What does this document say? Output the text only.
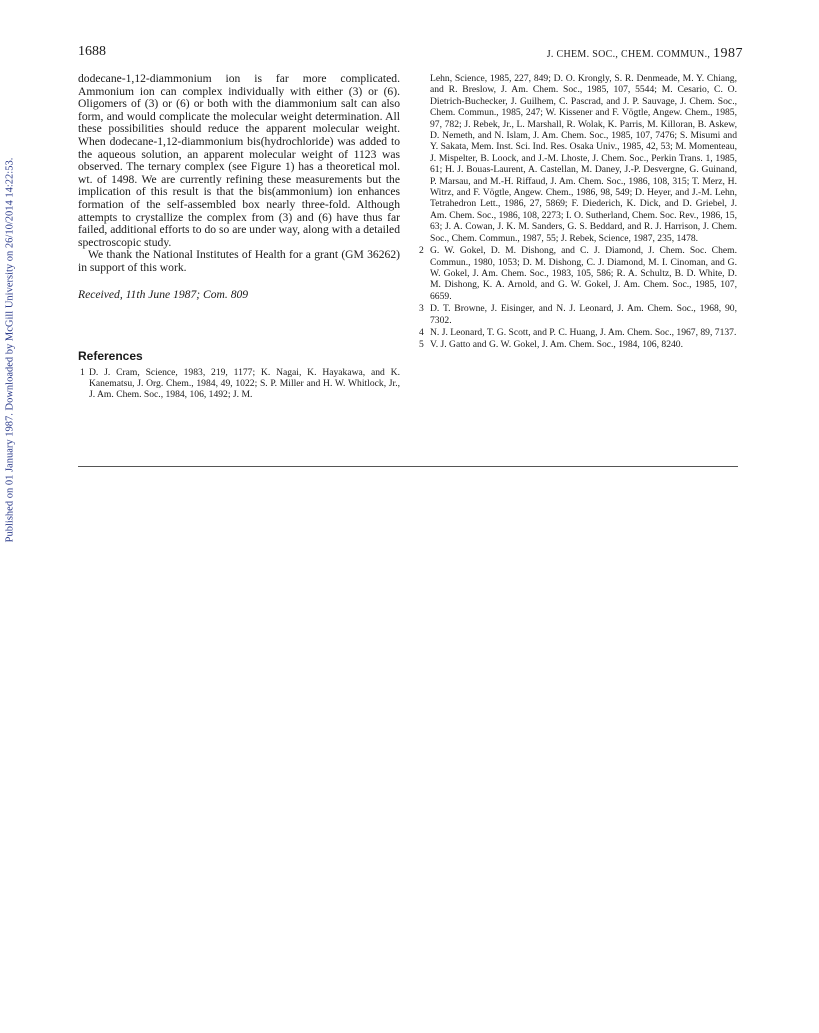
Published on 01 January 1987. Downloaded by McGill University on 26/10/2014 14:22:53.
1688	J. CHEM. SOC., CHEM. COMMUN., 1987

dodecane-1,12-diammonium ion is far more complicated. Ammonium ion can complex individually with either (3) or (6). Oligomers of (3) or (6) or both with the diammonium salt can also form, and would complicate the molecular weight determination. All these possibilities should reduce the apparent molecular weight. When dodecane-1,12-diammonium bis(hydrochloride) was added to the aqueous solution, an apparent molecular weight of 1123 was observed. The ternary complex (see Figure 1) has a theoretical mol. wt. of 1498. We are currently refining these measurements but the implication of this result is that the bis(ammonium) ion enhances formation of the self-assembled box nearly three-fold. Although attempts to crystallize the complex from (3) and (6) have thus far failed, additional efforts to do so are under way, along with a detailed spectroscopic study.

We thank the National Institutes of Health for a grant (GM 36262) in support of this work.

Received, 11th June 1987; Com. 809
References
1 D. J. Cram, Science, 1983, 219, 1177; K. Nagai, K. Hayakawa, and K. Kanematsu, J. Org. Chem., 1984, 49, 1022; S. P. Miller and H. W. Whitlock, Jr., J. Am. Chem. Soc., 1984, 106, 1492; J. M.
Lehn, Science, 1985, 227, 849; D. O. Krongly, S. R. Denmeade, M. Y. Chiang, and R. Breslow, J. Am. Chem. Soc., 1985, 107, 5544; M. Cesario, C. O. Dietrich-Buchecker, J. Guilhem, C. Pascrad, and J. P. Sauvage, J. Chem. Soc., Chem. Commun., 1985, 247; W. Kissener and F. Vögtle, Angew. Chem., 1985, 97, 782; J. Rebek, Jr., L. Marshall, R. Wolak, K. Parris, M. Killoran, B. Askew, D. Nemeth, and N. Islam, J. Am. Chem. Soc., 1985, 107, 7476; S. Misumi and Y. Sakata, Mem. Inst. Sci. Ind. Res. Osaka Univ., 1985, 42, 53; M. Momenteau, J. Mispelter, B. Loock, and J.-M. Lhoste, J. Chem. Soc., Perkin Trans. 1, 1985, 61; H. J. Bouas-Laurent, A. Castellan, M. Daney, J.-P. Desvergne, G. Guinand, P. Marsau, and M.-H. Riffaud, J. Am. Chem. Soc., 1986, 108, 315; T. Merz, H. Witrz, and F. Vögtle, Angew. Chem., 1986, 98, 549; D. Heyer, and J.-M. Lehn, Tetrahedron Lett., 1986, 27, 5869; F. Diederich, K. Dick, and D. Griebel, J. Am. Chem. Soc., 1986, 108, 2273; I. O. Sutherland, Chem. Soc. Rev., 1986, 15, 63; J. A. Cowan, J. K. M. Sanders, G. S. Beddard, and R. J. Harrison, J. Chem. Soc., Chem. Commun., 1987, 55; J. Rebek, Science, 1987, 235, 1478.
2 G. W. Gokel, D. M. Dishong, and C. J. Diamond, J. Chem. Soc. Chem. Commun., 1980, 1053; D. M. Dishong, C. J. Diamond, M. I. Cinoman, and G. W. Gokel, J. Am. Chem. Soc., 1983, 105, 586; R. A. Schultz, B. D. White, D. M. Dishong, K. A. Arnold, and G. W. Gokel, J. Am. Chem. Soc., 1985, 107, 6659.
3 D. T. Browne, J. Eisinger, and N. J. Leonard, J. Am. Chem. Soc., 1968, 90, 7302.
4 N. J. Leonard, T. G. Scott, and P. C. Huang, J. Am. Chem. Soc., 1967, 89, 7137.
5 V. J. Gatto and G. W. Gokel, J. Am. Chem. Soc., 1984, 106, 8240.
